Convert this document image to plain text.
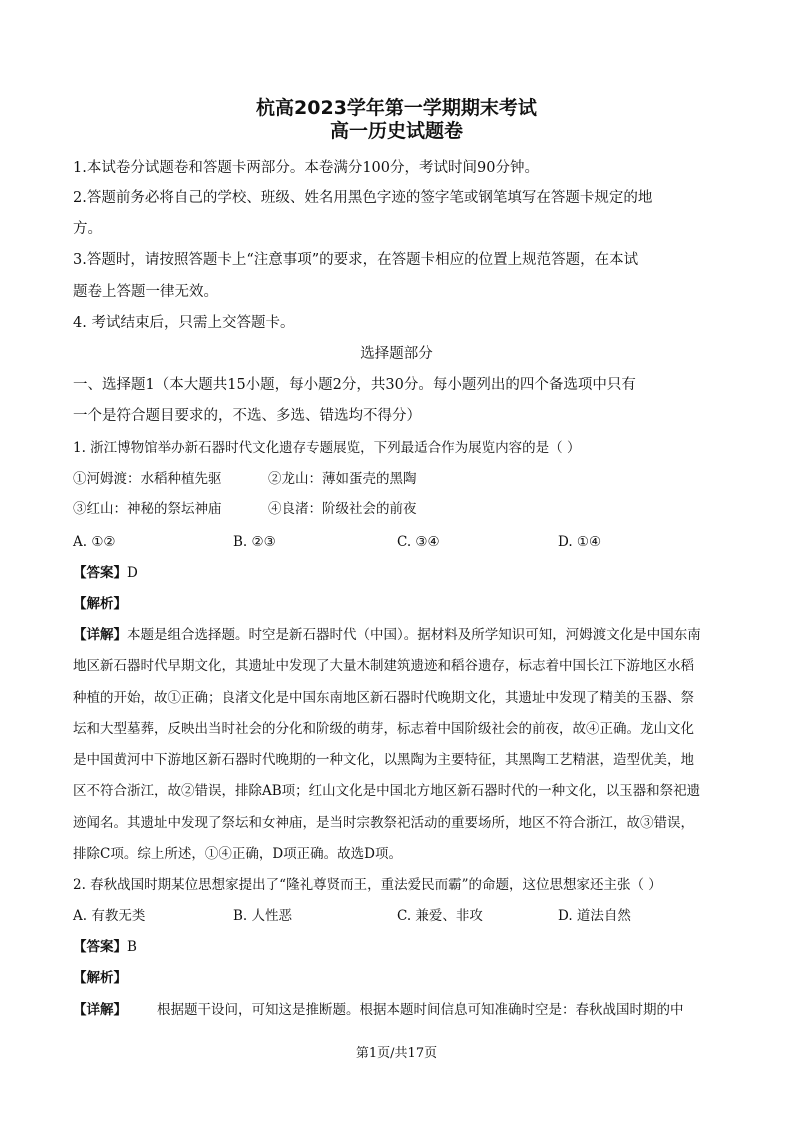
杭高2023学年第一学期期末考试
高一历史试题卷
1.本试卷分试题卷和答题卡两部分。本卷满分100分，考试时间90分钟。
2.答题前务必将自己的学校、班级、姓名用黑色字迹的签字笔或钢笔填写在答题卡规定的地
方。
3.答题时，请按照答题卡上“注意事项”的要求，在答题卡相应的位置上规范答题，在本试
题卷上答题一律无效。
4. 考试结束后，只需上交答题卡。
选择题部分
一、选择题1（本大题共15小题，每小题2分，共30分。每小题列出的四个备选项中只有
一个是符合题目要求的，不选、多选、错选均不得分）
1. 浙江博物馆举办新石器时代文化遗存专题展览，下列最适合作为展览内容的是（ ）
①河姆渡：水稻种植先驱	②龙山：薄如蛋壳的黑陶
③红山：神秘的祭坛神庙	④良渚：阶级社会的前夜
A. ①②	B. ②③	C. ③④	D. ①④
【答案】D
【解析】
【详解】本题是组合选择题。时空是新石器时代（中国）。据材料及所学知识可知，河姆渡文化是中国东南
地区新石器时代早期文化，其遗址中发现了大量木制建筑遗迹和稻谷遗存，标志着中国长江下游地区水稻
种植的开始，故①正确；良渚文化是中国东南地区新石器时代晚期文化，其遗址中发现了精美的玉器、祭
坛和大型墓葬，反映出当时社会的分化和阶级的萌芽，标志着中国阶级社会的前夜，故④正确。龙山文化
是中国黄河中下游地区新石器时代晚期的一种文化，以黑陶为主要特征，其黑陶工艺精湛，造型优美，地
区不符合浙江，故②错误，排除AB项；红山文化是中国北方地区新石器时代的一种文化，以玉器和祭祀遗
迹闻名。其遗址中发现了祭坛和女神庙，是当时宗教祭祀活动的重要场所，地区不符合浙江，故③错误，
排除C项。综上所述，①④正确，D项正确。故选D项。
2. 春秋战国时期某位思想家提出了“隆礼尊贤而王，重法爱民而霸”的命题，这位思想家还主张（ ）
A. 有教无类	B. 人性恶	C. 兼爱、非攻	D. 道法自然
【答案】B
【解析】
【详解】 根据题干设问，可知这是推断题。根据本题时间信息可知准确时空是：春秋战国时期的中
第1页/共17页
